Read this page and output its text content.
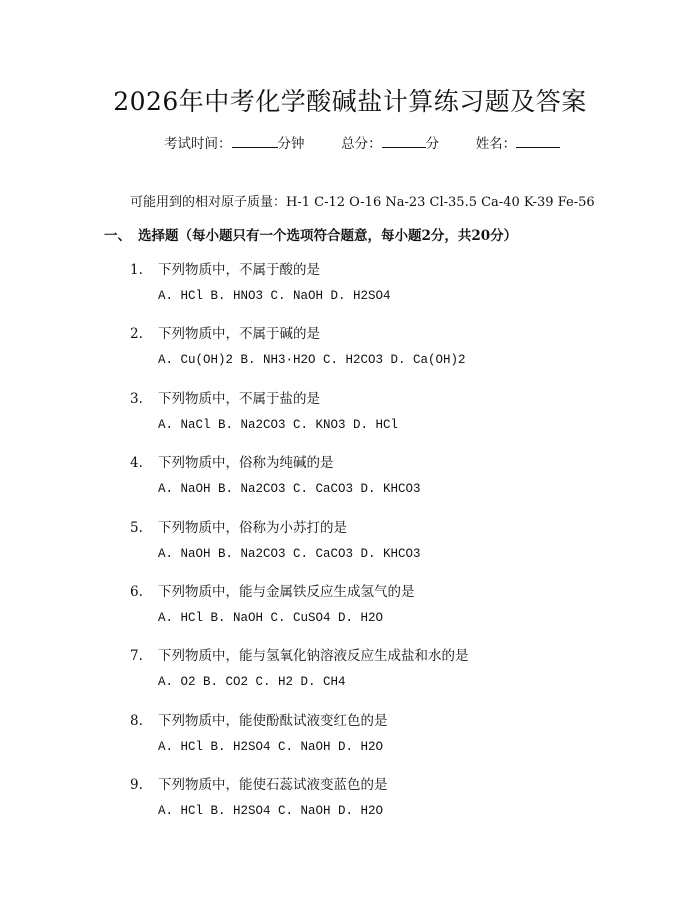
2026年中考化学酸碱盐计算练习题及答案
考试时间：	分钟	总分：	分	姓名：
可能用到的相对原子质量：H-1 C-12 O-16 Na-23 Cl-35.5 Ca-40 K-39 Fe-56
一、 选择题（每小题只有一个选项符合题意，每小题2分，共20分）
1. 下列物质中，不属于酸的是
A. HCl B. HNO3 C. NaOH D. H2SO4
2. 下列物质中，不属于碱的是
A. Cu(OH)2 B. NH3·H2O C. H2CO3 D. Ca(OH)2
3. 下列物质中，不属于盐的是
A. NaCl B. Na2CO3 C. KNO3 D. HCl
4. 下列物质中，俗称为纯碱的是
A. NaOH B. Na2CO3 C. CaCO3 D. KHCO3
5. 下列物质中，俗称为小苏打的是
A. NaOH B. Na2CO3 C. CaCO3 D. KHCO3
6. 下列物质中，能与金属铁反应生成氢气的是
A. HCl B. NaOH C. CuSO4 D. H2O
7. 下列物质中，能与氢氧化钠溶液反应生成盐和水的是
A. O2 B. CO2 C. H2 D. CH4
8. 下列物质中，能使酚酞试液变红色的是
A. HCl B. H2SO4 C. NaOH D. H2O
9. 下列物质中，能使石蕊试液变蓝色的是
A. HCl B. H2SO4 C. NaOH D. H2O
